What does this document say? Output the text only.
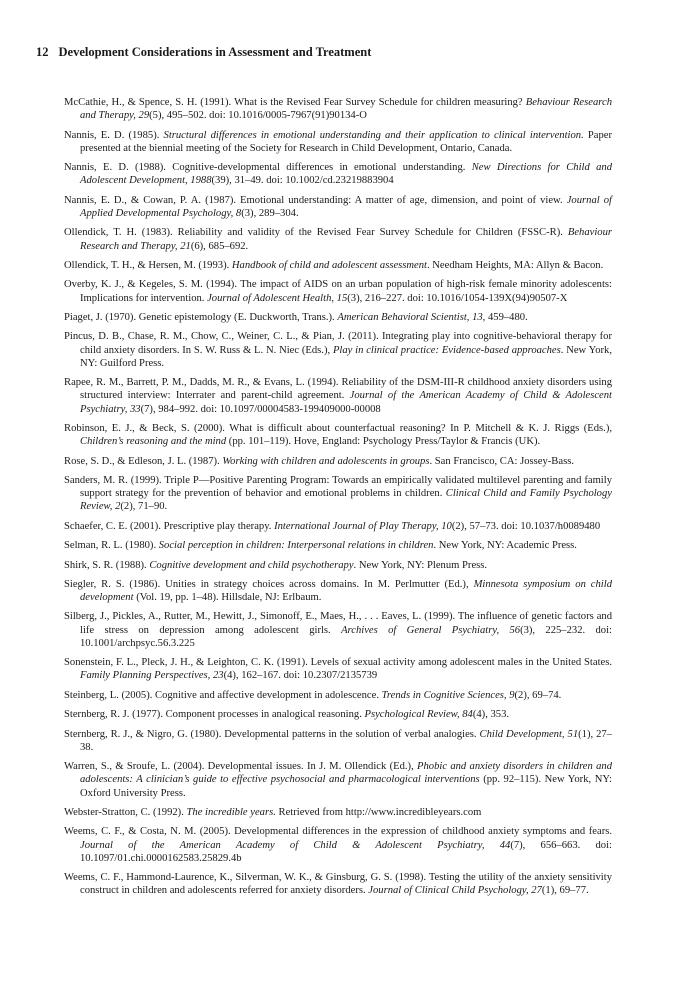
12 Development Considerations in Assessment and Treatment

McCathie, H., & Spence, S. H. (1991). What is the Revised Fear Survey Schedule for children measuring? Behaviour Research and Therapy, 29(5), 495–502. doi: 10.1016/0005-7967(91)90134-O

Nannis, E. D. (1985). Structural differences in emotional understanding and their application to clinical intervention. Paper presented at the biennial meeting of the Society for Research in Child Development, Ontario, Canada.

Nannis, E. D. (1988). Cognitive-developmental differences in emotional understanding. New Directions for Child and Adolescent Development, 1988(39), 31–49. doi: 10.1002/cd.23219883904

Nannis, E. D., & Cowan, P. A. (1987). Emotional understanding: A matter of age, dimension, and point of view. Journal of Applied Developmental Psychology, 8(3), 289–304.

Ollendick, T. H. (1983). Reliability and validity of the Revised Fear Survey Schedule for Children (FSSC-R). Behaviour Research and Therapy, 21(6), 685–692.

Ollendick, T. H., & Hersen, M. (1993). Handbook of child and adolescent assessment. Needham Heights, MA: Allyn & Bacon.

Overby, K. J., & Kegeles, S. M. (1994). The impact of AIDS on an urban population of high-risk female minority adolescents: Implications for intervention. Journal of Adolescent Health, 15(3), 216–227. doi: 10.1016/1054-139X(94)90507-X

Piaget, J. (1970). Genetic epistemology (E. Duckworth, Trans.). American Behavioral Scientist, 13, 459–480.

Pincus, D. B., Chase, R. M., Chow, C., Weiner, C. L., & Pian, J. (2011). Integrating play into cognitive-behavioral therapy for child anxiety disorders. In S. W. Russ & L. N. Niec (Eds.), Play in clinical practice: Evidence-based approaches. New York, NY: Guilford Press.

Rapee, R. M., Barrett, P. M., Dadds, M. R., & Evans, L. (1994). Reliability of the DSM-III-R childhood anxiety disorders using structured interview: Interrater and parent-child agreement. Journal of the American Academy of Child & Adolescent Psychiatry, 33(7), 984–992. doi: 10.1097/00004583-199409000-00008

Robinson, E. J., & Beck, S. (2000). What is difficult about counterfactual reasoning? In P. Mitchell & K. J. Riggs (Eds.), Children’s reasoning and the mind (pp. 101–119). Hove, England: Psychology Press/Taylor & Francis (UK).

Rose, S. D., & Edleson, J. L. (1987). Working with children and adolescents in groups. San Francisco, CA: Jossey-Bass.

Sanders, M. R. (1999). Triple P—Positive Parenting Program: Towards an empirically validated multilevel parenting and family support strategy for the prevention of behavior and emotional problems in children. Clinical Child and Family Psychology Review, 2(2), 71–90.

Schaefer, C. E. (2001). Prescriptive play therapy. International Journal of Play Therapy, 10(2), 57–73. doi: 10.1037/h0089480

Selman, R. L. (1980). Social perception in children: Interpersonal relations in children. New York, NY: Academic Press.

Shirk, S. R. (1988). Cognitive development and child psychotherapy. New York, NY: Plenum Press.

Siegler, R. S. (1986). Unities in strategy choices across domains. In M. Perlmutter (Ed.), Minnesota symposium on child development (Vol. 19, pp. 1–48). Hillsdale, NJ: Erlbaum.

Silberg, J., Pickles, A., Rutter, M., Hewitt, J., Simonoff, E., Maes, H., . . . Eaves, L. (1999). The influence of genetic factors and life stress on depression among adolescent girls. Archives of General Psychiatry, 56(3), 225–232. doi: 10.1001/archpsyc.56.3.225

Sonenstein, F. L., Pleck, J. H., & Leighton, C. K. (1991). Levels of sexual activity among adolescent males in the United States. Family Planning Perspectives, 23(4), 162–167. doi: 10.2307/2135739

Steinberg, L. (2005). Cognitive and affective development in adolescence. Trends in Cognitive Sciences, 9(2), 69–74.

Sternberg, R. J. (1977). Component processes in analogical reasoning. Psychological Review, 84(4), 353.

Sternberg, R. J., & Nigro, G. (1980). Developmental patterns in the solution of verbal analogies. Child Development, 51(1), 27–38.

Warren, S., & Sroufe, L. (2004). Developmental issues. In J. M. Ollendick (Ed.), Phobic and anxiety disorders in children and adolescents: A clinician’s guide to effective psychosocial and pharmacological interventions (pp. 92–115). New York, NY: Oxford University Press.

Webster-Stratton, C. (1992). The incredible years. Retrieved from http://www.incredibleyears.com

Weems, C. F., & Costa, N. M. (2005). Developmental differences in the expression of childhood anxiety symptoms and fears. Journal of the American Academy of Child & Adolescent Psychiatry, 44(7), 656–663. doi: 10.1097/01.chi.0000162583.25829.4b

Weems, C. F., Hammond-Laurence, K., Silverman, W. K., & Ginsburg, G. S. (1998). Testing the utility of the anxiety sensitivity construct in children and adolescents referred for anxiety disorders. Journal of Clinical Child Psychology, 27(1), 69–77.
